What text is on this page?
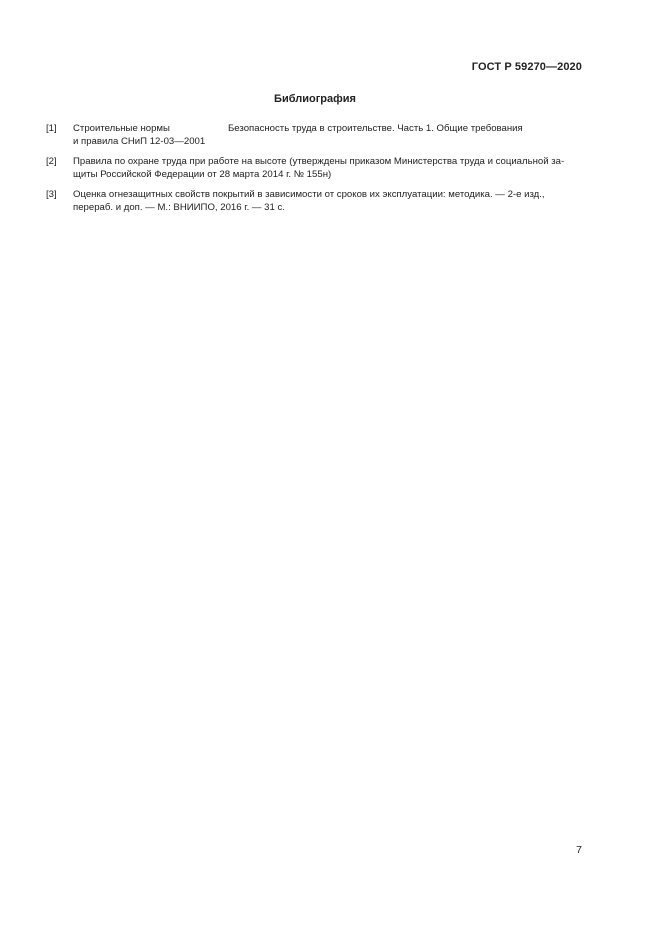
ГОСТ Р 59270—2020
Библиография
[1] Строительные нормы
и правила СНиП 12-03—2001
Безопасность труда в строительстве. Часть 1. Общие требования
[2] Правила по охране труда при работе на высоте (утверждены приказом Министерства труда и социальной за-
щиты Российской Федерации от 28 марта 2014 г. № 155н)
[3] Оценка огнезащитных свойств покрытий в зависимости от сроков их эксплуатации: методика. — 2-е изд.,
перераб. и доп. — М.: ВНИИПО, 2016 г. — 31 с.
7
